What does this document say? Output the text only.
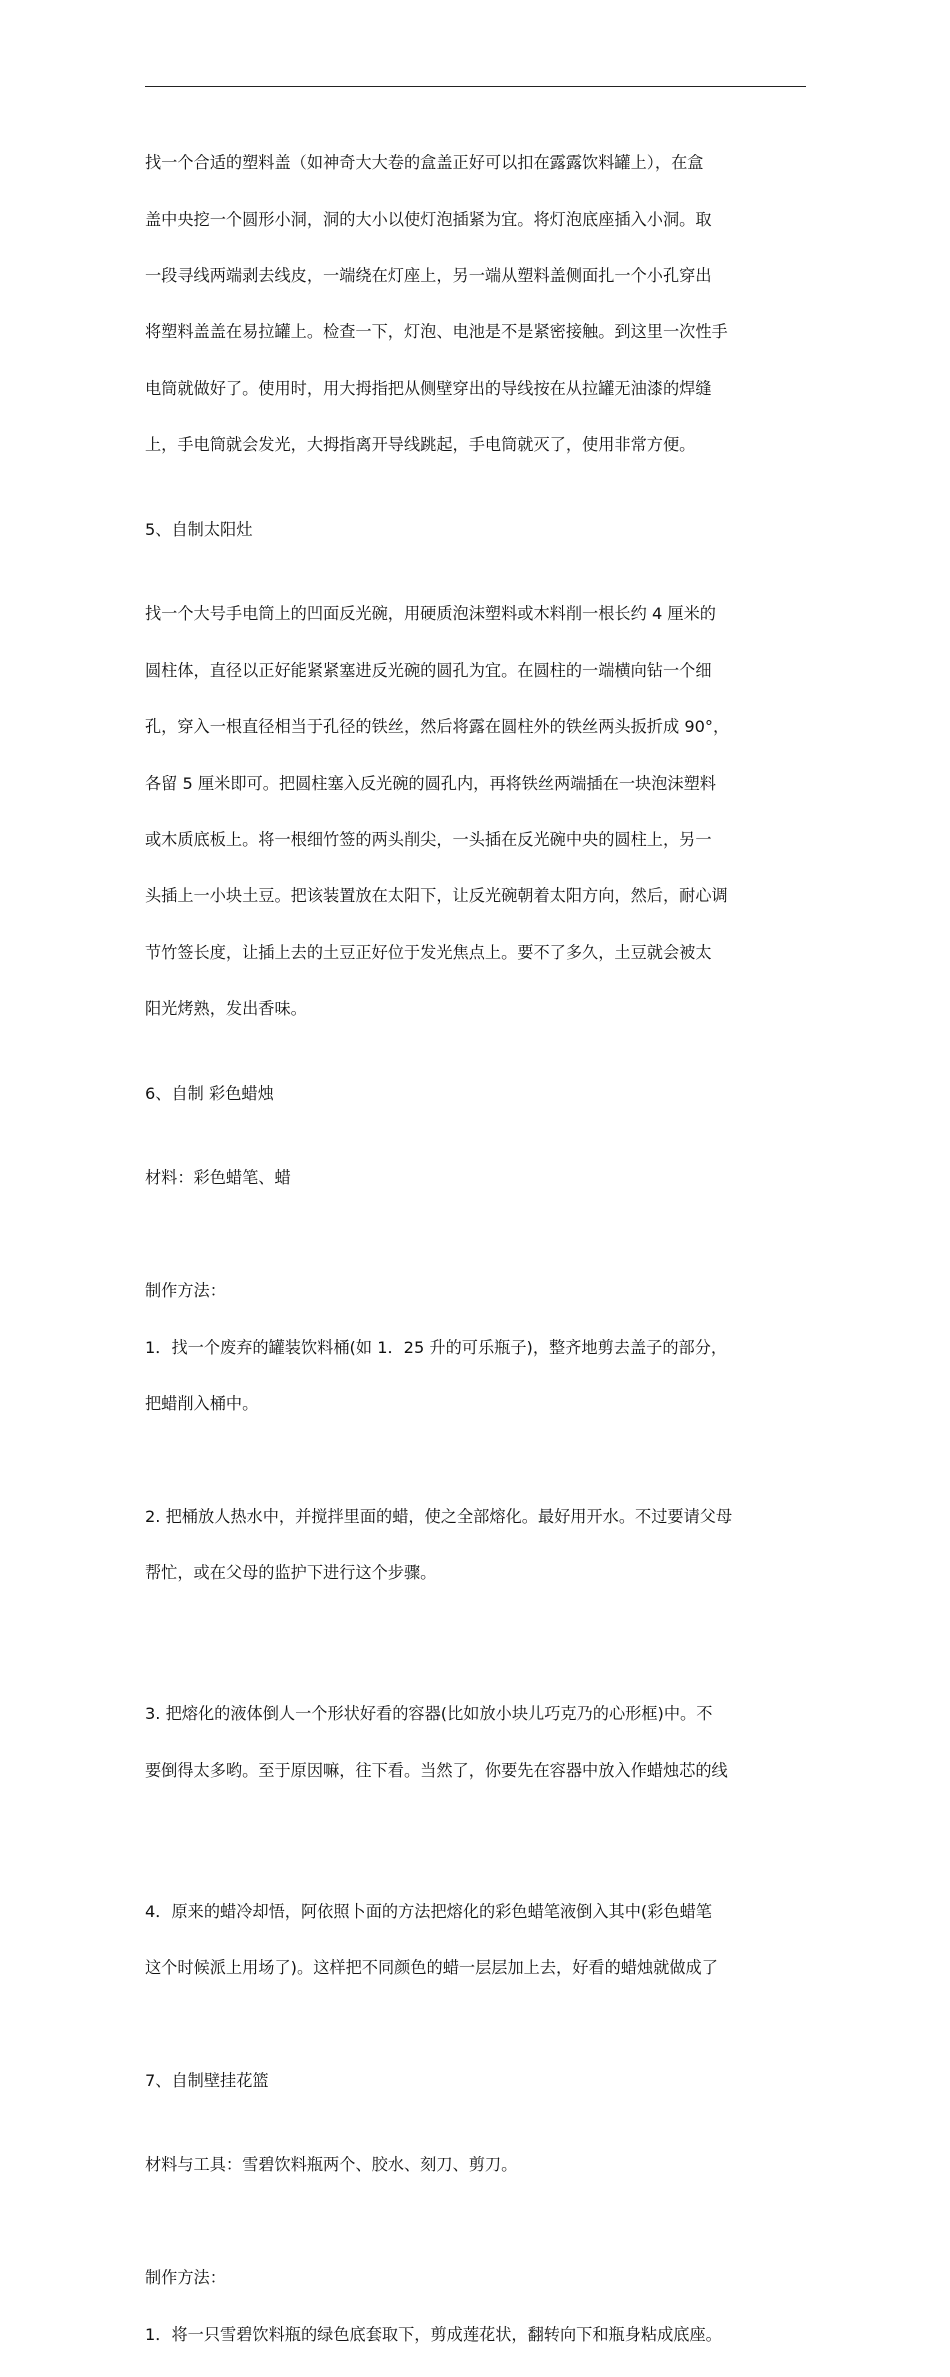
找一个合适的塑料盖（如神奇大大卷的盒盖正好可以扣在露露饮料罐上），在盒

盖中央挖一个圆形小洞，洞的大小以使灯泡插紧为宜。将灯泡底座插入小洞。取

一段寻线两端剥去线皮，一端绕在灯座上，另一端从塑料盖侧面扎一个小孔穿出

将塑料盖盖在易拉罐上。检查一下，灯泡、电池是不是紧密接触。到这里一次性手

电筒就做好了。使用时，用大拇指把从侧壁穿出的导线按在从拉罐无油漆的焊缝

上，手电筒就会发光，大拇指离开导线跳起，手电筒就灭了，使用非常方便。

5、自制太阳灶

找一个大号手电筒上的凹面反光碗，用硬质泡沫塑料或木料削一根长约 4 厘米的

圆柱体，直径以正好能紧紧塞进反光碗的圆孔为宜。在圆柱的一端横向钻一个细

孔，穿入一根直径相当于孔径的铁丝，然后将露在圆柱外的铁丝两头扳折成 90°，

各留 5 厘米即可。把圆柱塞入反光碗的圆孔内，再将铁丝两端插在一块泡沫塑料

或木质底板上。将一根细竹签的两头削尖，一头插在反光碗中央的圆柱上，另一

头插上一小块土豆。把该装置放在太阳下，让反光碗朝着太阳方向，然后，耐心调

节竹签长度，让插上去的土豆正好位于发光焦点上。要不了多久，土豆就会被太

阳光烤熟，发出香味。

6、自制 彩色蜡烛

材料：彩色蜡笔、蜡

制作方法：

1．找一个废弃的罐装饮料桶(如 1．25 升的可乐瓶子)，整齐地剪去盖子的部分，

把蜡削入桶中。

2. 把桶放人热水中，并搅拌里面的蜡，使之全部熔化。最好用开水。不过要请父母

帮忙，或在父母的监护下进行这个步骤。

3. 把熔化的液体倒人一个形状好看的容器(比如放小块儿巧克乃的心形框)中。不

要倒得太多哟。至于原因嘛，往下看。当然了，你要先在容器中放入作蜡烛芯的线

4．原来的蜡冷却悟，阿依照卜面的方法把熔化的彩色蜡笔液倒入其中(彩色蜡笔

这个时候派上用场了)。这样把不同颜色的蜡一层层加上去，好看的蜡烛就做成了

7、自制壁挂花篮

材料与工具：雪碧饮料瓶两个、胶水、刻刀、剪刀。

制作方法：

1．将一只雪碧饮料瓶的绿色底套取下，剪成莲花状，翻转向下和瓶身粘成底座。
